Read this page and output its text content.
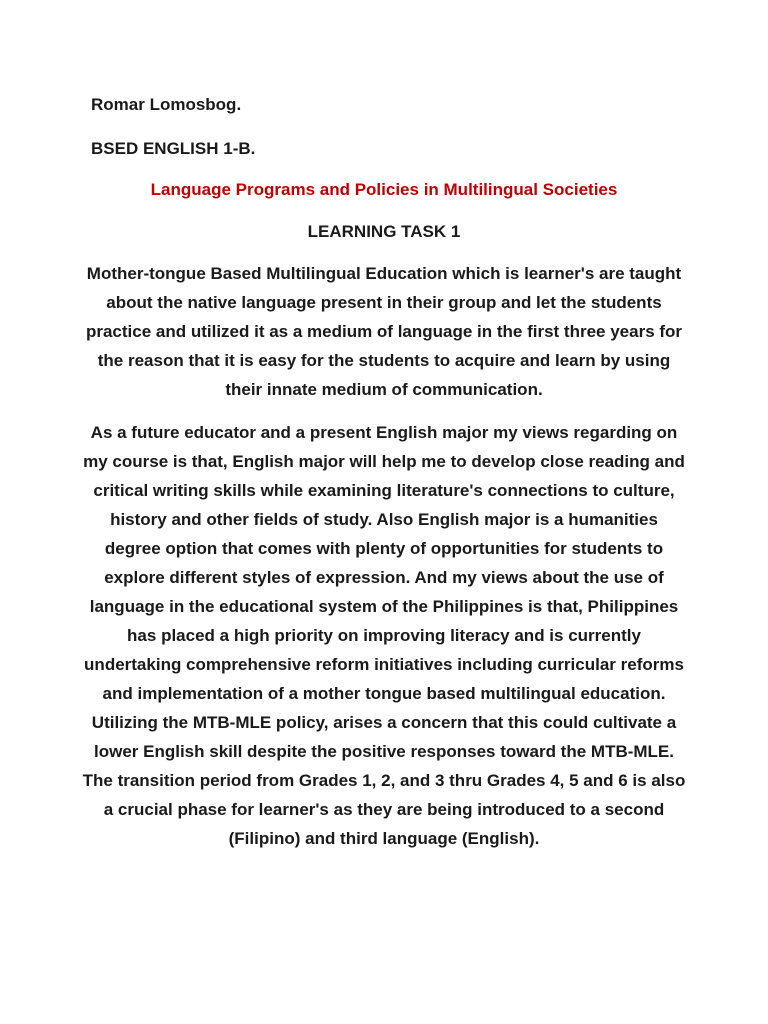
Romar Lomosbog.

BSED ENGLISH 1-B.

Language Programs and Policies in Multilingual Societies

LEARNING TASK 1

Mother-tongue Based Multilingual Education which is learner's are taught about the native language present in their group and let the students practice and utilized it as a medium of language in the first three years for the reason that it is easy for the students to acquire and learn by using their innate medium of communication.

As a future educator and a present English major my views regarding on my course is that, English major will help me to develop close reading and critical writing skills while examining literature's connections to culture, history and other fields of study. Also English major is a humanities degree option that comes with plenty of opportunities for students to explore different styles of expression. And my views about the use of language in the educational system of the Philippines is that, Philippines has placed a high priority on improving literacy and is currently undertaking comprehensive reform initiatives including curricular reforms and implementation of a mother tongue based multilingual education. Utilizing the MTB-MLE policy, arises a concern that this could cultivate a lower English skill despite the positive responses toward the MTB-MLE. The transition period from Grades 1, 2, and 3 thru Grades 4, 5 and 6 is also a crucial phase for learner's as they are being introduced to a second (Filipino) and third language (English).
